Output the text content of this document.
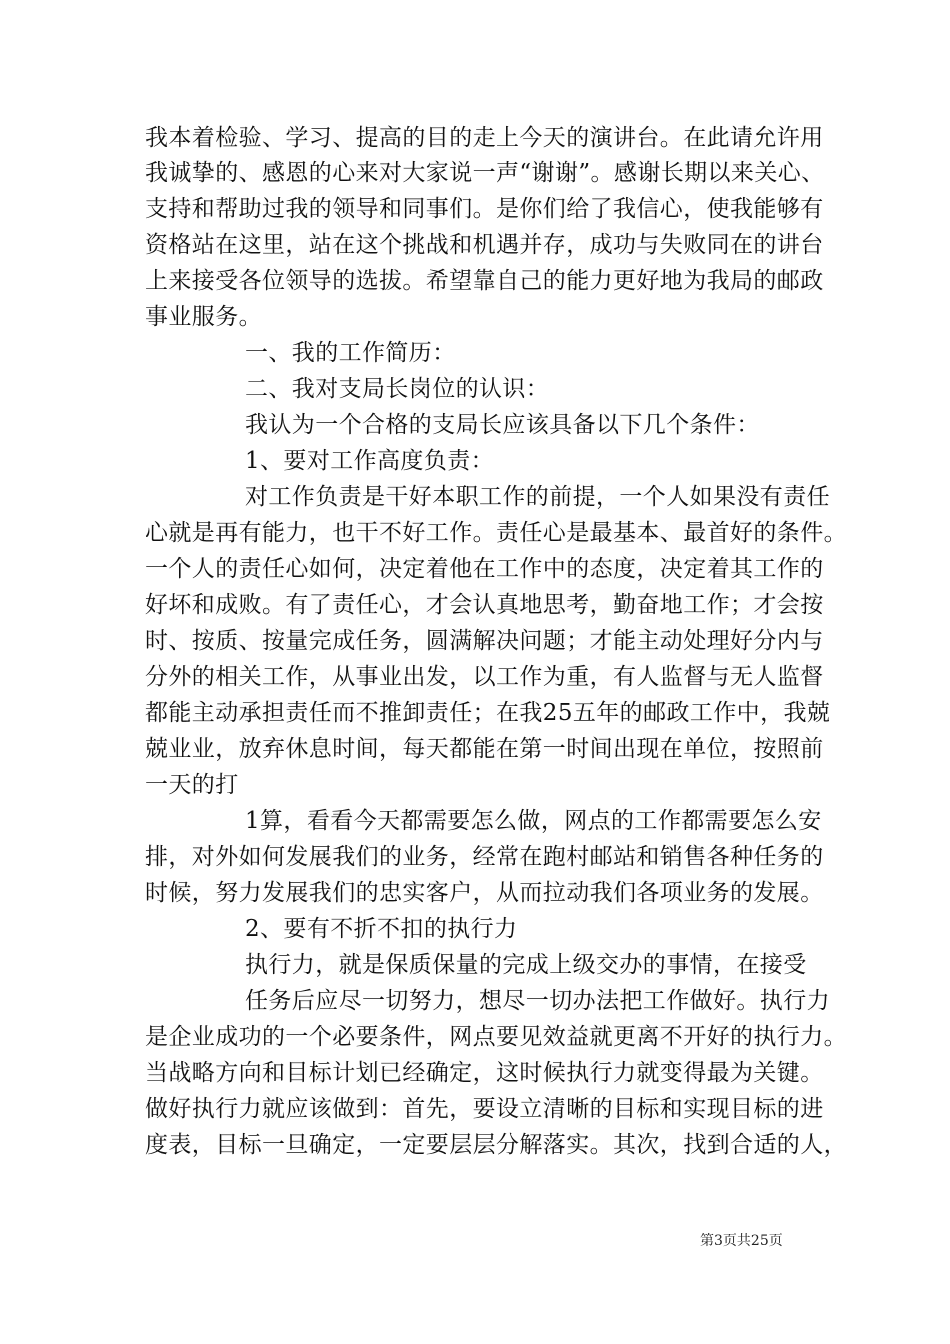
我本着检验、学习、提高的目的走上今天的演讲台。在此请允许用
我诚挚的、感恩的心来对大家说一声“谢谢”。感谢长期以来关心、
支持和帮助过我的领导和同事们。是你们给了我信心，使我能够有
资格站在这里，站在这个挑战和机遇并存，成功与失败同在的讲台
上来接受各位领导的选拔。希望靠自己的能力更好地为我局的邮政
事业服务。
一、我的工作简历：
二、我对支局长岗位的认识：
我认为一个合格的支局长应该具备以下几个条件：
1、要对工作高度负责：
对工作负责是干好本职工作的前提，一个人如果没有责任
心就是再有能力，也干不好工作。责任心是最基本、最首好的条件。
一个人的责任心如何，决定着他在工作中的态度，决定着其工作的
好坏和成败。有了责任心，才会认真地思考，勤奋地工作；才会按
时、按质、按量完成任务，圆满解决问题；才能主动处理好分内与
分外的相关工作，从事业出发，以工作为重，有人监督与无人监督
都能主动承担责任而不推卸责任；在我25五年的邮政工作中，我兢
兢业业，放弃休息时间，每天都能在第一时间出现在单位，按照前
一天的打
1算，看看今天都需要怎么做，网点的工作都需要怎么安
排，对外如何发展我们的业务，经常在跑村邮站和销售各种任务的
时候，努力发展我们的忠实客户，从而拉动我们各项业务的发展。
2、要有不折不扣的执行力
执行力，就是保质保量的完成上级交办的事情，在接受
任务后应尽一切努力，想尽一切办法把工作做好。执行力
是企业成功的一个必要条件，网点要见效益就更离不开好的执行力。
当战略方向和目标计划已经确定，这时候执行力就变得最为关键。
做好执行力就应该做到：首先，要设立清晰的目标和实现目标的进
度表，目标一旦确定，一定要层层分解落实。其次，找到合适的人，
第3页共25页
